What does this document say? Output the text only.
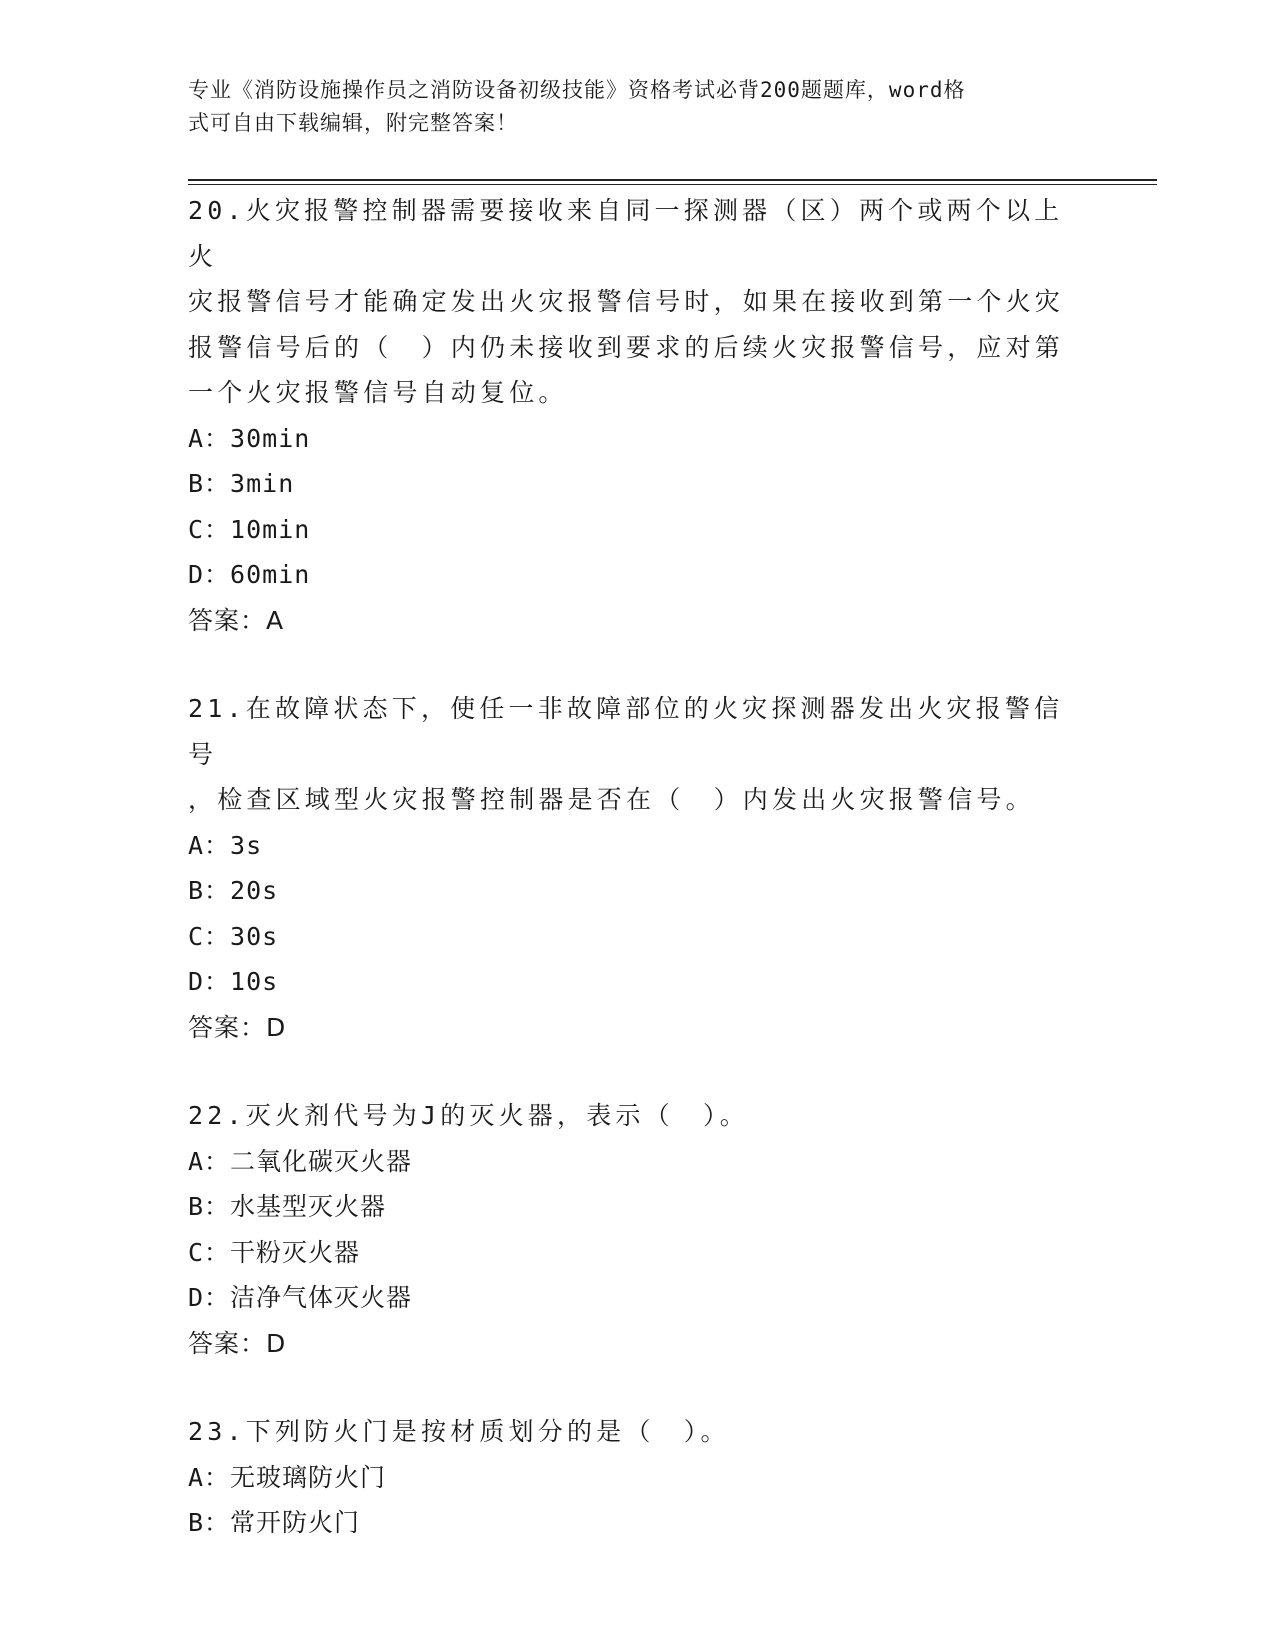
专业《消防设施操作员之消防设备初级技能》资格考试必背200题题库，word格
式可自由下载编辑，附完整答案！
20.火灾报警控制器需要接收来自同一探测器（区）两个或两个以上火
灾报警信号才能确定发出火灾报警信号时，如果在接收到第一个火灾
报警信号后的（　）内仍未接收到要求的后续火灾报警信号，应对第
一个火灾报警信号自动复位。
A：30min
B：3min
C：10min
D：60min
答案：A
21.在故障状态下，使任一非故障部位的火灾探测器发出火灾报警信号
，检查区域型火灾报警控制器是否在（　）内发出火灾报警信号。
A：3s
B：20s
C：30s
D：10s
答案：D
22.灭火剂代号为J的灭火器，表示（　）。
A：二氧化碳灭火器
B：水基型灭火器
C：干粉灭火器
D：洁净气体灭火器
答案：D
23.下列防火门是按材质划分的是（　）。
A：无玻璃防火门
B：常开防火门
